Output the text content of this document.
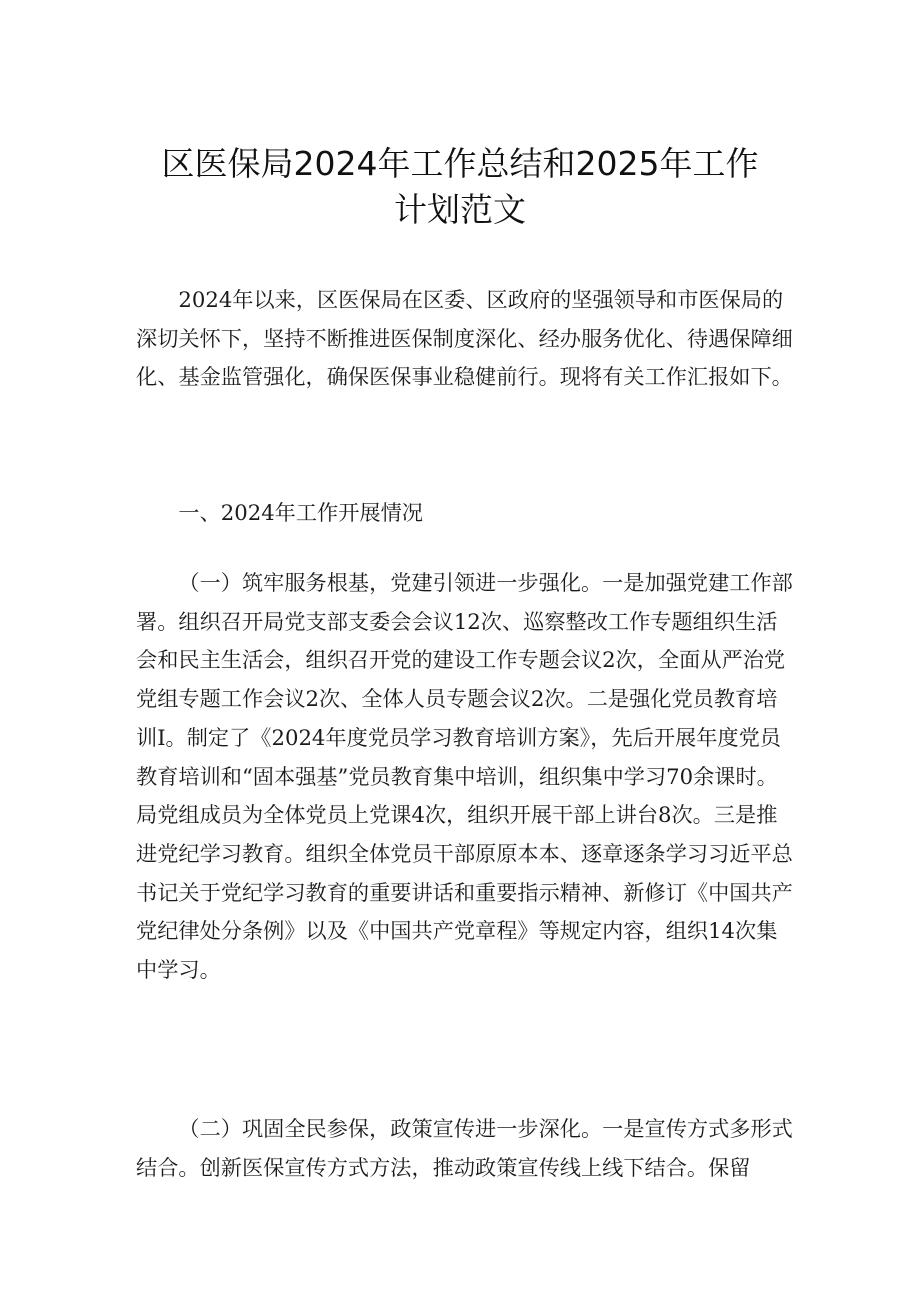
区医保局2024年工作总结和2025年工作
计划范文

2024年以来，区医保局在区委、区政府的坚强领导和市医保局的深切关怀下，坚持不断推进医保制度深化、经办服务优化、待遇保障细化、基金监管强化，确保医保事业稳健前行。现将有关工作汇报如下。

一、2024年工作开展情况

（一）筑牢服务根基，党建引领进一步强化。一是加强党建工作部署。组织召开局党支部支委会会议12次、巡察整改工作专题组织生活会和民主生活会，组织召开党的建设工作专题会议2次，全面从严治党党组专题工作会议2次、全体人员专题会议2次。二是强化党员教育培训I。制定了《2024年度党员学习教育培训方案》，先后开展年度党员教育培训和“固本强基”党员教育集中培训，组织集中学习70余课时。局党组成员为全体党员上党课4次，组织开展干部上讲台8次。三是推进党纪学习教育。组织全体党员干部原原本本、逐章逐条学习习近平总书记关于党纪学习教育的重要讲话和重要指示精神、新修订《中国共产党纪律处分条例》以及《中国共产党章程》等规定内容，组织14次集中学习。

（二）巩固全民参保，政策宣传进一步深化。一是宣传方式多形式结合。创新医保宣传方式方法，推动政策宣传线上线下结合。保留
